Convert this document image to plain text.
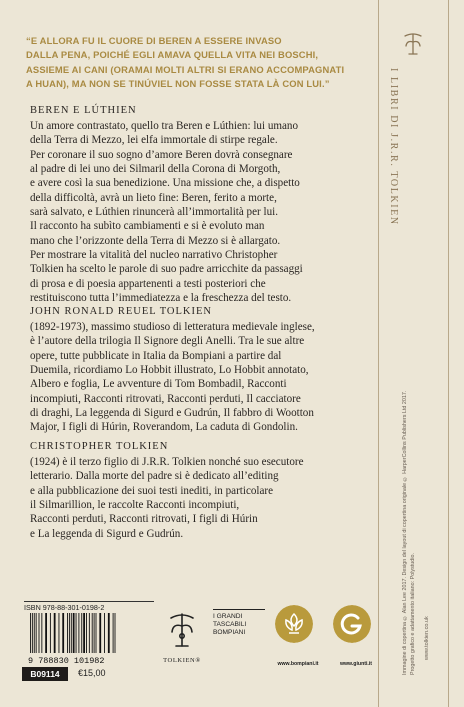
“E ALLORA FU IL CUORE DI BEREN A ESSERE INVASO
DALLA PENA, POICHÉ EGLI AMAVA QUELLA VITA NEI BOSCHI,
ASSIEME AI CANI (ORAMAI MOLTI ALTRI SI ERANO ACCOMPAGNATI
A HUAN), MA NON SE TINÚVIEL NON FOSSE STATA LÀ CON LUI.”	I LIBRI DI J.R.R. TOLKIEN
Immagine di copertina © Alan Lee 2017. Design del layout di copertina originale © HarperCollins Publishers Ltd 2017. Progetto grafico e adattamento italiano: Polystudio. www.tolkien.co.uk

BEREN E LÚTHIEN

Un amore contrastato, quello tra Beren e Lúthien: lui umano
della Terra di Mezzo, lei elfa immortale di stirpe regale.
Per coronare il suo sogno d’amore Beren dovrà consegnare
al padre di lei uno dei Silmaril della Corona di Morgoth,
e avere così la sua benedizione. Una missione che, a dispetto
della difficoltà, avrà un lieto fine: Beren, ferito a morte,
sarà salvato, e Lúthien rinuncerà all’immortalità per lui.
Il racconto ha subìto cambiamenti e si è evoluto man
mano che l’orizzonte della Terra di Mezzo si è allargato.
Per mostrare la vitalità del nucleo narrativo Christopher
Tolkien ha scelto le parole di suo padre arricchite da passaggi
di prosa e di poesia appartenenti a testi posteriori che
restituiscono tutta l’immediatezza e la freschezza del testo.

JOHN RONALD REUEL TOLKIEN

(1892-1973), massimo studioso di letteratura medievale inglese,
è l’autore della trilogia Il Signore degli Anelli. Tra le sue altre
opere, tutte pubblicate in Italia da Bompiani a partire dal
Duemila, ricordiamo Lo Hobbit illustrato, Lo Hobbit annotato,
Albero e foglia, Le avventure di Tom Bombadil, Racconti
incompiuti, Racconti ritrovati, Racconti perduti, Il cacciatore
di draghi, La leggenda di Sigurd e Gudrún, Il fabbro di Wootton
Major, I figli di Húrin, Roverandom, La caduta di Gondolin.

CHRISTOPHER TOLKIEN

(1924) è il terzo figlio di J.R.R. Tolkien nonché suo esecutore
letterario. Dalla morte del padre si è dedicato all’editing
e alla pubblicazione dei suoi testi inediti, in particolare
il Silmarillion, le raccolte Racconti incompiuti,
Racconti perduti, Racconti ritrovati, I figli di Húrin
e La leggenda di Sigurd e Gudrún.

ISBN 978-88-301-0198-2
9 788830 101982
B09114	€15,00
TOLKIEN®
I GRANDI
TASCABILI
BOMPIANI
www.bompiani.it	www.giunti.it
